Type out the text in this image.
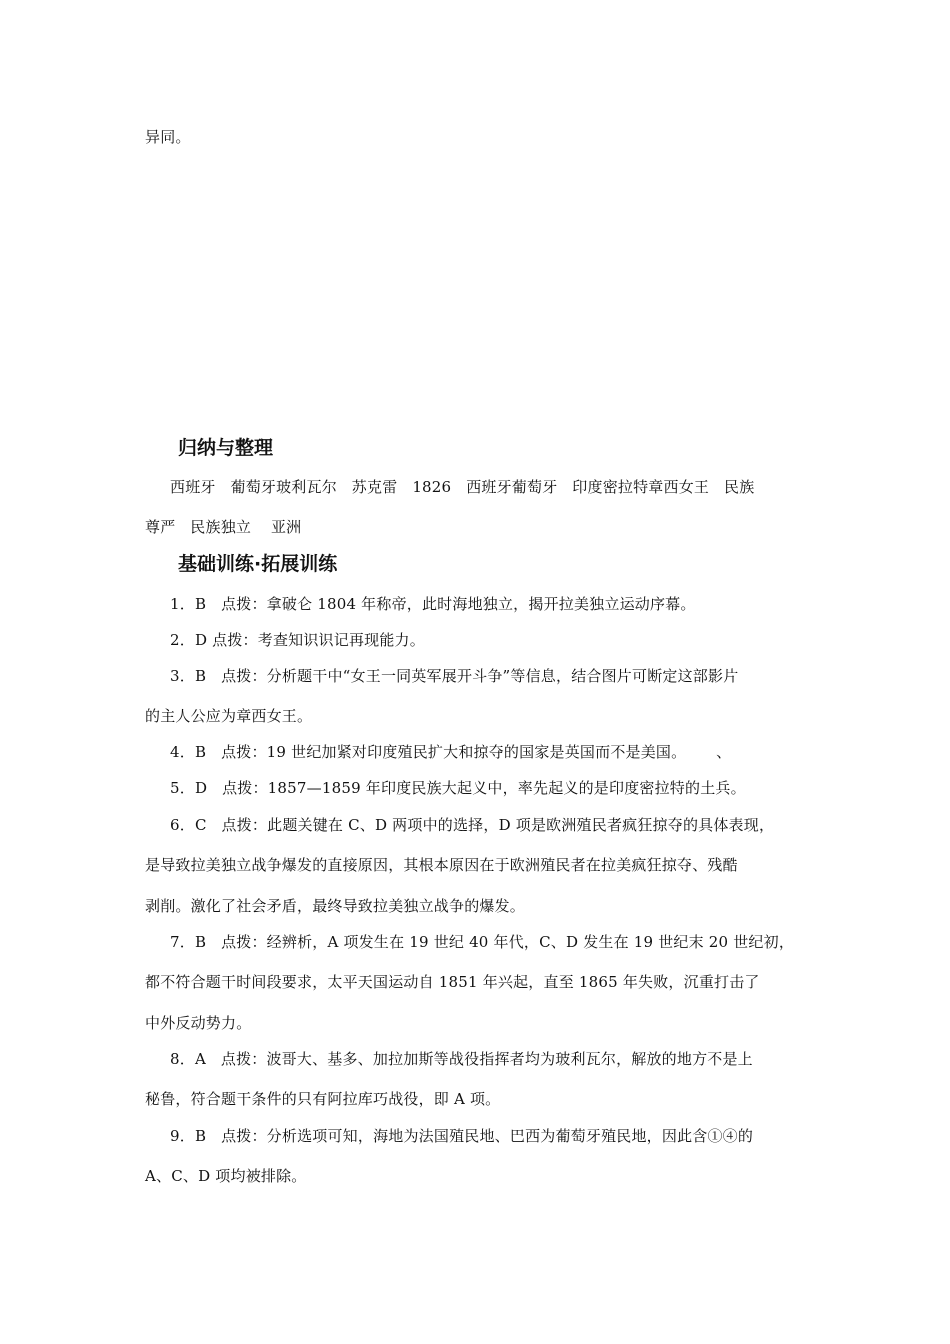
异同。
归纳与整理
西班牙   葡萄牙玻利瓦尔   苏克雷   1826   西班牙葡萄牙   印度密拉特章西女王   民族
尊严   民族独立    亚洲
基础训练·拓展训练
1．B   点拨：拿破仑 1804 年称帝，此时海地独立，揭开拉美独立运动序幕。
2．D 点拨：考查知识识记再现能力。
3．B   点拨：分析题干中“女王一同英军展开斗争”等信息，结合图片可断定这部影片
的主人公应为章西女王。
4．B   点拨：19 世纪加紧对印度殖民扩大和掠夺的国家是英国而不是美国。      、
5．D   点拨：1857—1859 年印度民族大起义中，率先起义的是印度密拉特的土兵。
6．C   点拨：此题关键在 C、D 两项中的选择，D 项是欧洲殖民者疯狂掠夺的具体表现，
是导致拉美独立战争爆发的直接原因，其根本原因在于欧洲殖民者在拉美疯狂掠夺、残酷
剥削。激化了社会矛盾，最终导致拉美独立战争的爆发。
7．B   点拨：经辨析，A 项发生在 19 世纪 40 年代，C、D 发生在 19 世纪末 20 世纪初，
都不符合题干时间段要求，太平天国运动自 1851 年兴起，直至 1865 年失败，沉重打击了
中外反动势力。
8．A   点拨：波哥大、基多、加拉加斯等战役指挥者均为玻利瓦尔，解放的地方不是上
秘鲁，符合题干条件的只有阿拉库巧战役，即 A 项。
9．B   点拨：分析选项可知，海地为法国殖民地、巴西为葡萄牙殖民地，因此含①④的
A、C、D 项均被排除。
